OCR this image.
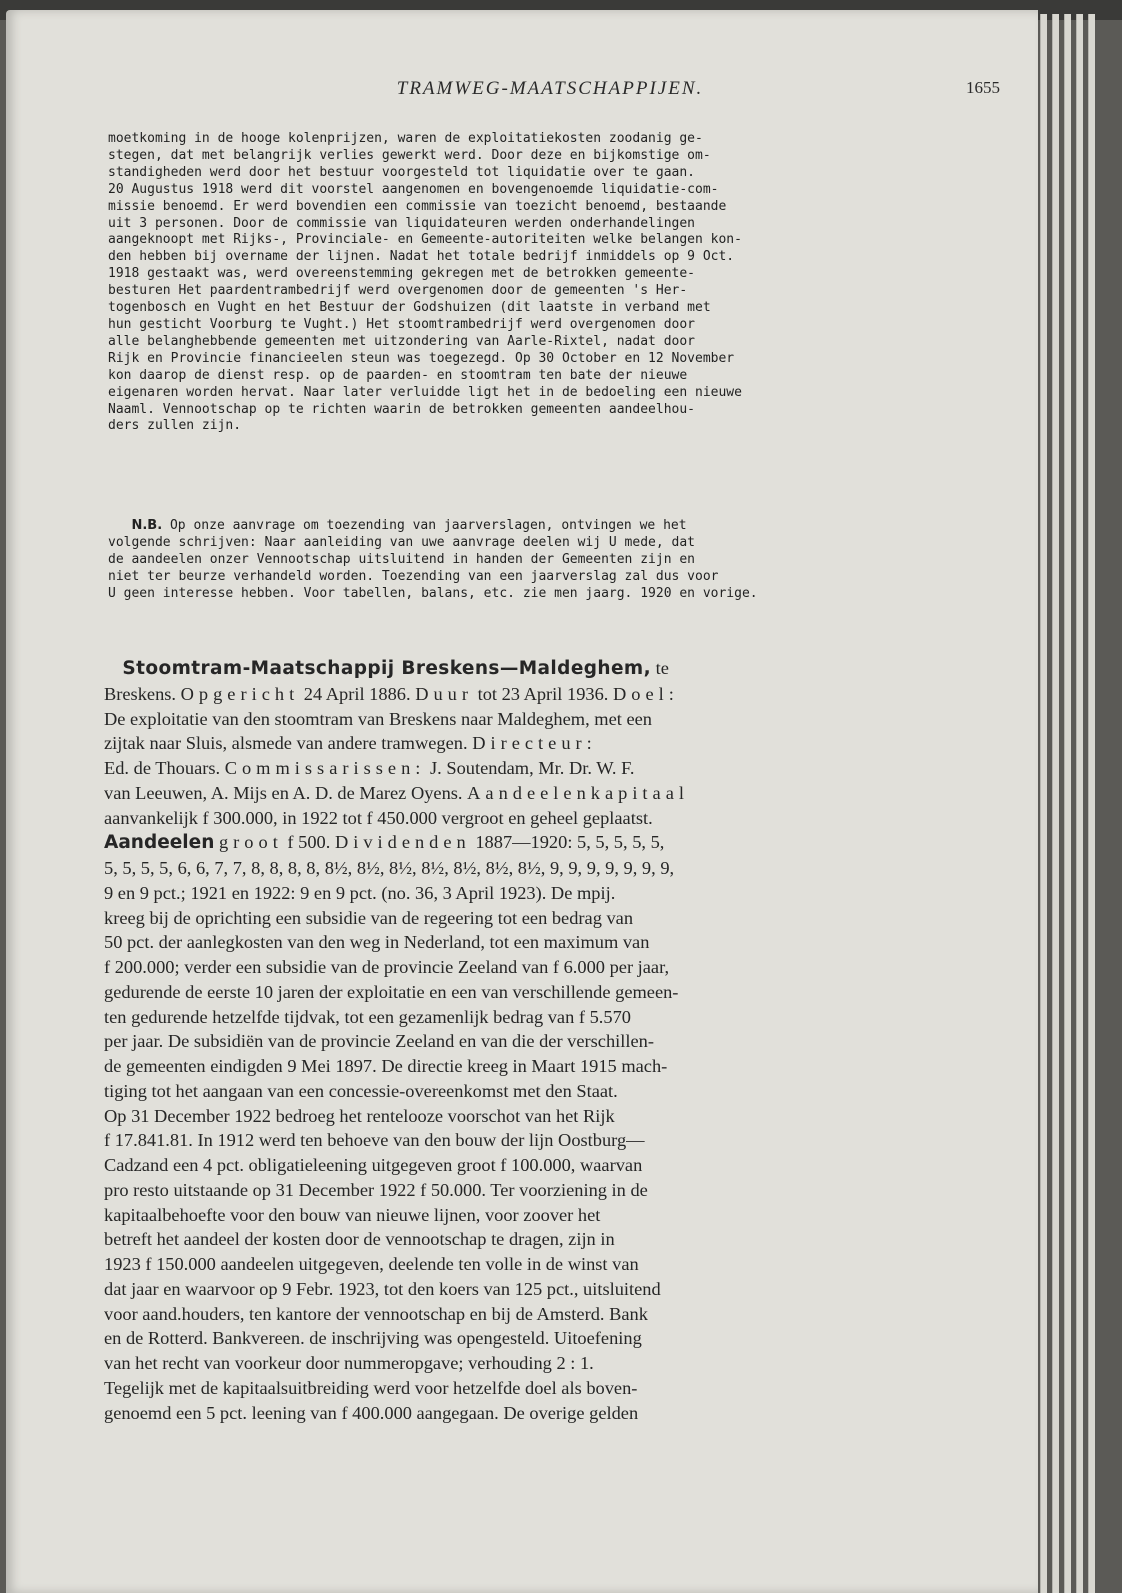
TRAMWEG-MAATSCHAPPIJEN.	1655
moetkoming in de hooge kolenprijzen, waren de exploitatiekosten zoodanig ge-
stegen, dat met belangrijk verlies gewerkt werd. Door deze en bijkomstige om-
standigheden werd door het bestuur voorgesteld tot liquidatie over te gaan.
20 Augustus 1918 werd dit voorstel aangenomen en bovengenoemde liquidatie-com-
missie benoemd. Er werd bovendien een commissie van toezicht benoemd, bestaande
uit 3 personen. Door de commissie van liquidateuren werden onderhandelingen
aangeknoopt met Rijks-, Provinciale- en Gemeente-autoriteiten welke belangen kon-
den hebben bij overname der lijnen. Nadat het totale bedrijf inmiddels op 9 Oct.
1918 gestaakt was, werd overeenstemming gekregen met de betrokken gemeente-
besturen Het paardentrambedrijf werd overgenomen door de gemeenten 's Her-
togenbosch en Vught en het Bestuur der Godshuizen (dit laatste in verband met
hun gesticht Voorburg te Vught.) Het stoomtrambedrijf werd overgenomen door
alle belanghebbende gemeenten met uitzondering van Aarle-Rixtel, nadat door
Rijk en Provincie financieelen steun was toegezegd. Op 30 October en 12 November
kon daarop de dienst resp. op de paarden- en stoomtram ten bate der nieuwe
eigenaren worden hervat. Naar later verluidde ligt het in de bedoeling een nieuwe
Naaml. Vennootschap op te richten waarin de betrokken gemeenten aandeelhou-
ders zullen zijn.
N.B. Op onze aanvrage om toezending van jaarverslagen, ontvingen we het
volgende schrijven: Naar aanleiding van uwe aanvrage deelen wij U mede, dat
de aandeelen onzer Vennootschap uitsluitend in handen der Gemeenten zijn en
niet ter beurze verhandeld worden. Toezending van een jaarverslag zal dus voor
U geen interesse hebben. Voor tabellen, balans, etc. zie men jaarg. 1920 en vorige.
Stoomtram-Maatschappij Breskens—Maldeghem, te
Breskens. Opgericht 24 April 1886. Duur tot 23 April 1936. Doel:
De exploitatie van den stoomtram van Breskens naar Maldeghem, met een
zijtak naar Sluis, alsmede van andere tramwegen. Directeur:
Ed. de Thouars. Commissarissen: J. Soutendam, Mr. Dr. W. F.
van Leeuwen, A. Mijs en A. D. de Marez Oyens. Aandeelenkapitaal
aanvankelijk f 300.000, in 1922 tot f 450.000 vergroot en geheel geplaatst.
Aandeelen groot f 500. Dividenden 1887—1920: 5, 5, 5, 5, 5,
5, 5, 5, 5, 6, 6, 7, 7, 8, 8, 8, 8, 8½, 8½, 8½, 8½, 8½, 8½, 8½, 9, 9, 9, 9, 9, 9, 9,
9 en 9 pct.; 1921 en 1922: 9 en 9 pct. (no. 36, 3 April 1923). De mpij.
kreeg bij de oprichting een subsidie van de regeering tot een bedrag van
50 pct. der aanlegkosten van den weg in Nederland, tot een maximum van
f 200.000; verder een subsidie van de provincie Zeeland van f 6.000 per jaar,
gedurende de eerste 10 jaren der exploitatie en een van verschillende gemeen-
ten gedurende hetzelfde tijdvak, tot een gezamenlijk bedrag van f 5.570
per jaar. De subsidiën van de provincie Zeeland en van die der verschillen-
de gemeenten eindigden 9 Mei 1897. De directie kreeg in Maart 1915 mach-
tiging tot het aangaan van een concessie-overeenkomst met den Staat.
Op 31 December 1922 bedroeg het rentelooze voorschot van het Rijk
f 17.841.81. In 1912 werd ten behoeve van den bouw der lijn Oostburg—
Cadzand een 4 pct. obligatieleening uitgegeven groot f 100.000, waarvan
pro resto uitstaande op 31 December 1922 f 50.000. Ter voorziening in de
kapitaalbehoefte voor den bouw van nieuwe lijnen, voor zoover het
betreft het aandeel der kosten door de vennootschap te dragen, zijn in
1923 f 150.000 aandeelen uitgegeven, deelende ten volle in de winst van
dat jaar en waarvoor op 9 Febr. 1923, tot den koers van 125 pct., uitsluitend
voor aand.houders, ten kantore der vennootschap en bij de Amsterd. Bank
en de Rotterd. Bankvereen. de inschrijving was opengesteld. Uitoefening
van het recht van voorkeur door nummeropgave; verhouding 2 : 1.
Tegelijk met de kapitaalsuitbreiding werd voor hetzelfde doel als boven-
genoemd een 5 pct. leening van f 400.000 aangegaan. De overige gelden
